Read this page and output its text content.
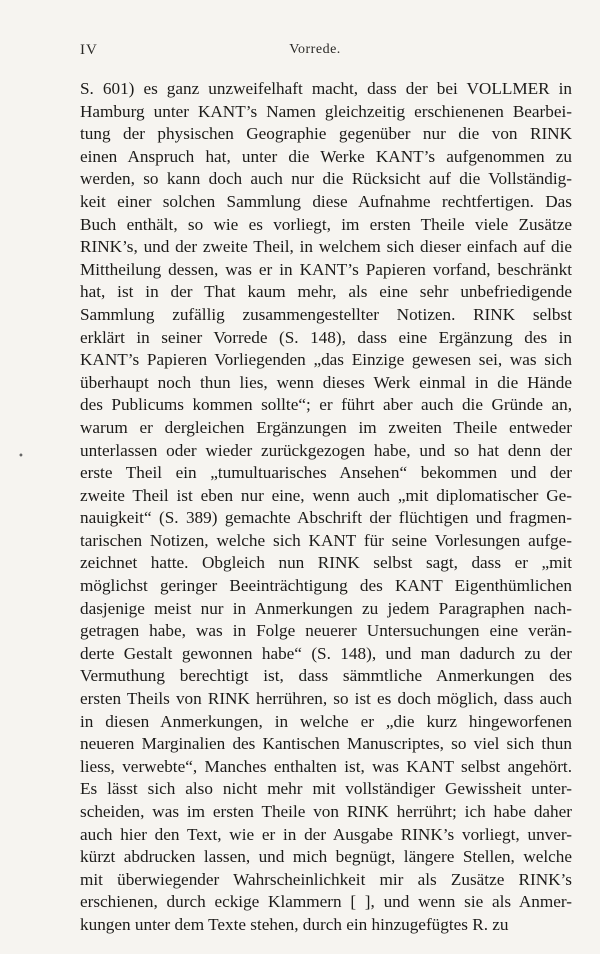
IV	Vorrede.
•
S. 601) es ganz unzweifelhaft macht, dass der bei VOLLMER in
Hamburg unter KANT’s Namen gleichzeitig erschienenen Bearbei-
tung der physischen Geographie gegenüber nur die von RINK
einen Anspruch hat, unter die Werke KANT’s aufgenommen zu
werden, so kann doch auch nur die Rücksicht auf die Vollständig-
keit einer solchen Sammlung diese Aufnahme rechtfertigen. Das
Buch enthält, so wie es vorliegt, im ersten Theile viele Zusätze
RINK’s, und der zweite Theil, in welchem sich dieser einfach auf die
Mittheilung dessen, was er in KANT’s Papieren vorfand, beschränkt
hat, ist in der That kaum mehr, als eine sehr unbefriedigende
Sammlung zufällig zusammengestellter Notizen. RINK selbst
erklärt in seiner Vorrede (S. 148), dass eine Ergänzung des in
KANT’s Papieren Vorliegenden „das Einzige gewesen sei, was sich
überhaupt noch thun lies, wenn dieses Werk einmal in die Hände
des Publicums kommen sollte“; er führt aber auch die Gründe an,
warum er dergleichen Ergänzungen im zweiten Theile entweder
unterlassen oder wieder zurückgezogen habe, und so hat denn der
erste Theil ein „tumultuarisches Ansehen“ bekommen und der
zweite Theil ist eben nur eine, wenn auch „mit diplomatischer Ge-
nauigkeit“ (S. 389) gemachte Abschrift der flüchtigen und fragmen-
tarischen Notizen, welche sich KANT für seine Vorlesungen aufge-
zeichnet hatte. Obgleich nun RINK selbst sagt, dass er „mit
möglichst geringer Beeinträchtigung des KANT Eigenthümlichen
dasjenige meist nur in Anmerkungen zu jedem Paragraphen nach-
getragen habe, was in Folge neuerer Untersuchungen eine verän-
derte Gestalt gewonnen habe“ (S. 148), und man dadurch zu der
Vermuthung berechtigt ist, dass sämmtliche Anmerkungen des
ersten Theils von RINK herrühren, so ist es doch möglich, dass auch
in diesen Anmerkungen, in welche er „die kurz hingeworfenen
neueren Marginalien des Kantischen Manuscriptes, so viel sich thun
liess, verwebte“, Manches enthalten ist, was KANT selbst angehört.
Es lässt sich also nicht mehr mit vollständiger Gewissheit unter-
scheiden, was im ersten Theile von RINK herrührt; ich habe daher
auch hier den Text, wie er in der Ausgabe RINK’s vorliegt, unver-
kürzt abdrucken lassen, und mich begnügt, längere Stellen, welche
mit überwiegender Wahrscheinlichkeit mir als Zusätze RINK’s
erschienen, durch eckige Klammern [ ], und wenn sie als Anmer-
kungen unter dem Texte stehen, durch ein hinzugefügtes R. zu
